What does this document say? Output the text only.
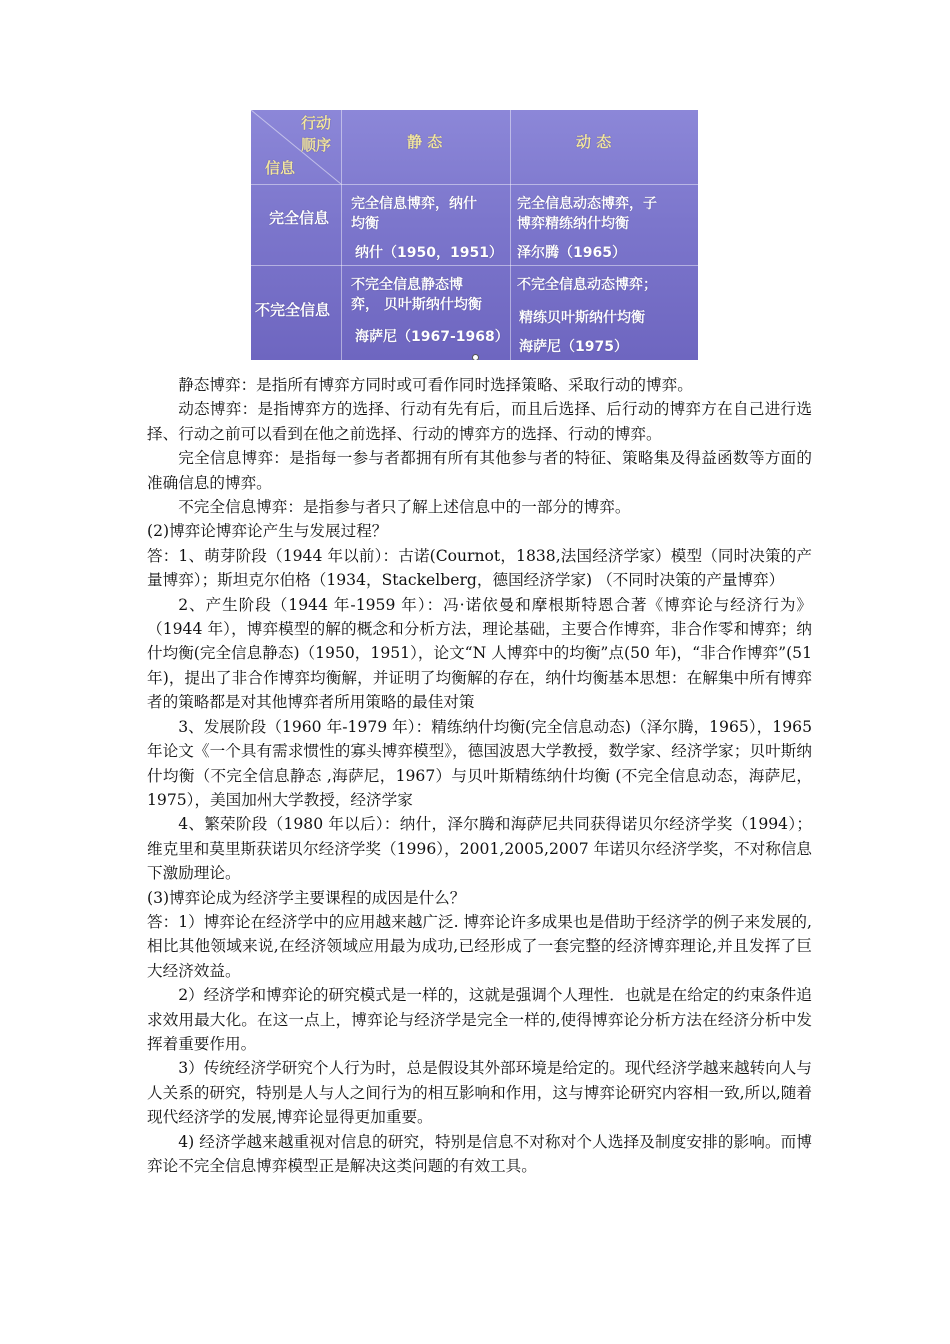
行动
顺序
信息
静 态	动 态
完全信息
不完全信息
完全信息博弈，纳什
均衡
纳什（1950，1951）
完全信息动态博弈，子
博弈精练纳什均衡
泽尔腾（1965）
不完全信息静态博
弈， 贝叶斯纳什均衡
海萨尼（1967-1968）
不完全信息动态博弈；
精练贝叶斯纳什均衡
海萨尼（1975）

静态博弈：是指所有博弈方同时或可看作同时选择策略、采取行动的博弈。

动态博弈：是指博弈方的选择、行动有先有后，而且后选择、后行动的博弈方在自己进行选择、行动之前可以看到在他之前选择、行动的博弈方的选择、行动的博弈。

完全信息博弈：是指每一参与者都拥有所有其他参与者的特征、策略集及得益函数等方面的准确信息的博弈。

不完全信息博弈：是指参与者只了解上述信息中的一部分的博弈。

(2)博弈论博弈论产生与发展过程？

答：1、萌芽阶段（1944 年以前）：古诺(Cournot，1838,法国经济学家）模型（同时决策的产量博弈）；斯坦克尔伯格（1934，Stackelberg，德国经济学家) （不同时决策的产量博弈）

2、产生阶段（1944 年-1959 年）：冯·诺依曼和摩根斯特恩合著《博弈论与经济行为》（1944 年），博弈模型的解的概念和分析方法，理论基础，主要合作博弈，非合作零和博弈；纳什均衡(完全信息静态)（1950，1951），论文“N 人博弈中的均衡”点(50 年)，“非合作博弈”(51 年)，提出了非合作博弈均衡解，并证明了均衡解的存在，纳什均衡基本思想：在解集中所有博弈者的策略都是对其他博弈者所用策略的最佳对策

3、发展阶段（1960 年-1979 年）：精练纳什均衡(完全信息动态)（泽尔腾，1965），1965 年论文《一个具有需求惯性的寡头博弈模型》，德国波恩大学教授，数学家、经济学家；贝叶斯纳什均衡（不完全信息静态 ,海萨尼，1967）与贝叶斯精练纳什均衡 (不完全信息动态，海萨尼，1975），美国加州大学教授，经济学家

4、繁荣阶段（1980 年以后）：纳什，泽尔腾和海萨尼共同获得诺贝尔经济学奖（1994）；维克里和莫里斯获诺贝尔经济学奖（1996），2001,2005,2007 年诺贝尔经济学奖，不对称信息下激励理论。

(3)博弈论成为经济学主要课程的成因是什么？

答：1）博弈论在经济学中的应用越来越广泛. 博弈论许多成果也是借助于经济学的例子来发展的, 相比其他领域来说,在经济领域应用最为成功,已经形成了一套完整的经济博弈理论,并且发挥了巨大经济效益。

2）经济学和博弈论的研究模式是一样的，这就是强调个人理性．也就是在给定的约束条件追求效用最大化。在这一点上，博弈论与经济学是完全一样的,使得博弈论分析方法在经济分析中发挥着重要作用。

3）传统经济学研究个人行为时，总是假设其外部环境是给定的。现代经济学越来越转向人与人关系的研究，特别是人与人之间行为的相互影响和作用，这与博弈论研究内容相一致,所以,随着现代经济学的发展,博弈论显得更加重要。

4) 经济学越来越重视对信息的研究，特别是信息不对称对个人选择及制度安排的影响。而博弈论不完全信息博弈模型正是解决这类问题的有效工具。
